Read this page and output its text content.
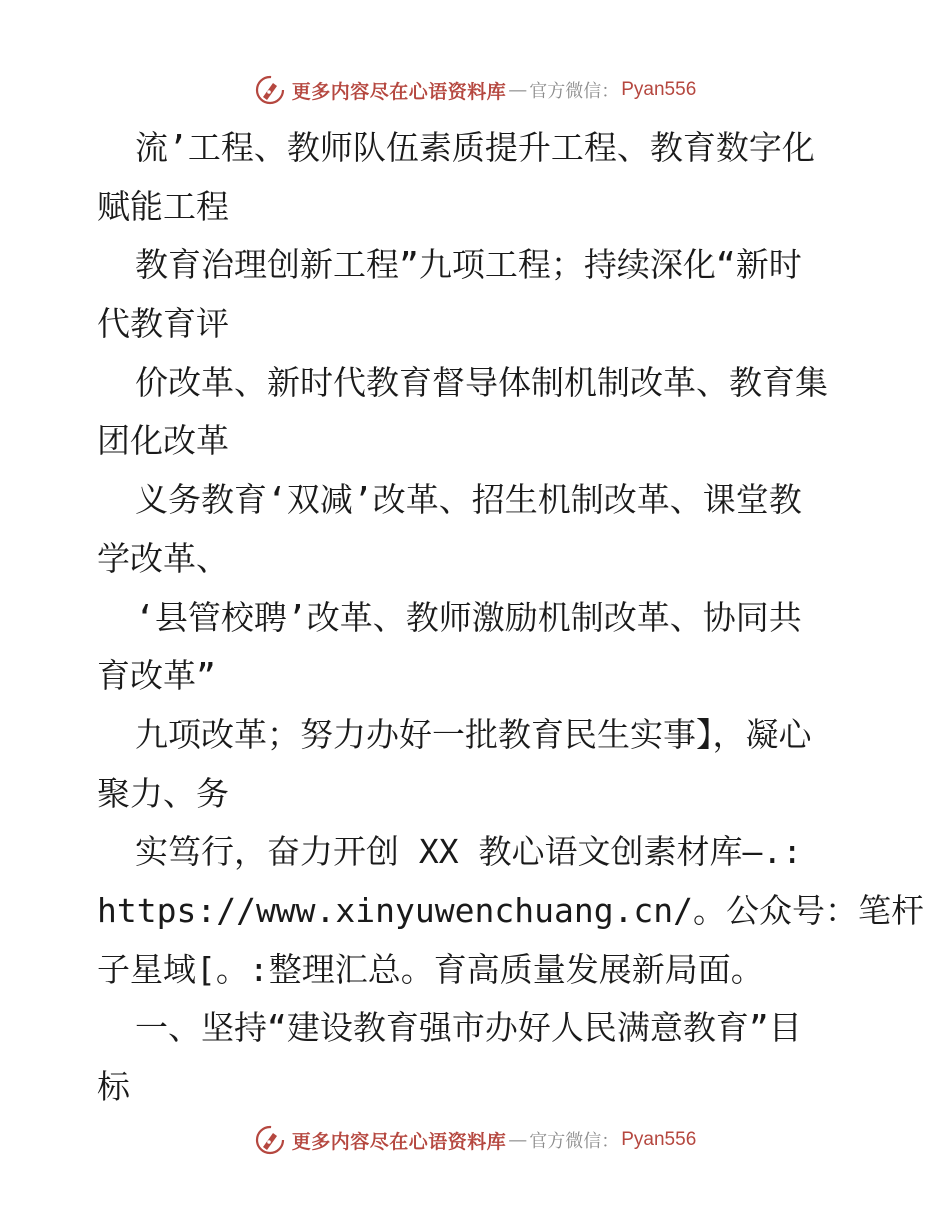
更多内容尽在心语资料库 — 官方微信： Pyan556
流’工程、教师队伍素质提升工程、教育数字化
赋能工程
教育治理创新工程”九项工程；持续深化“新时
代教育评
价改革、新时代教育督导体制机制改革、教育集
团化改革
义务教育‘双减’改革、招生机制改革、课堂教
学改革、
‘县管校聘’改革、教师激励机制改革、协同共
育改革”
九项改革；努力办好一批教育民生实事】，凝心
聚力、务
实笃行，奋力开创 XX 教心语文创素材库—.:
https://www.xinyuwenchuang.cn/。公众号：笔杆
子星域[。:整理汇总。育高质量发展新局面。
一、坚持“建设教育强市办好人民满意教育”目
标
更多内容尽在心语资料库 — 官方微信： Pyan556
